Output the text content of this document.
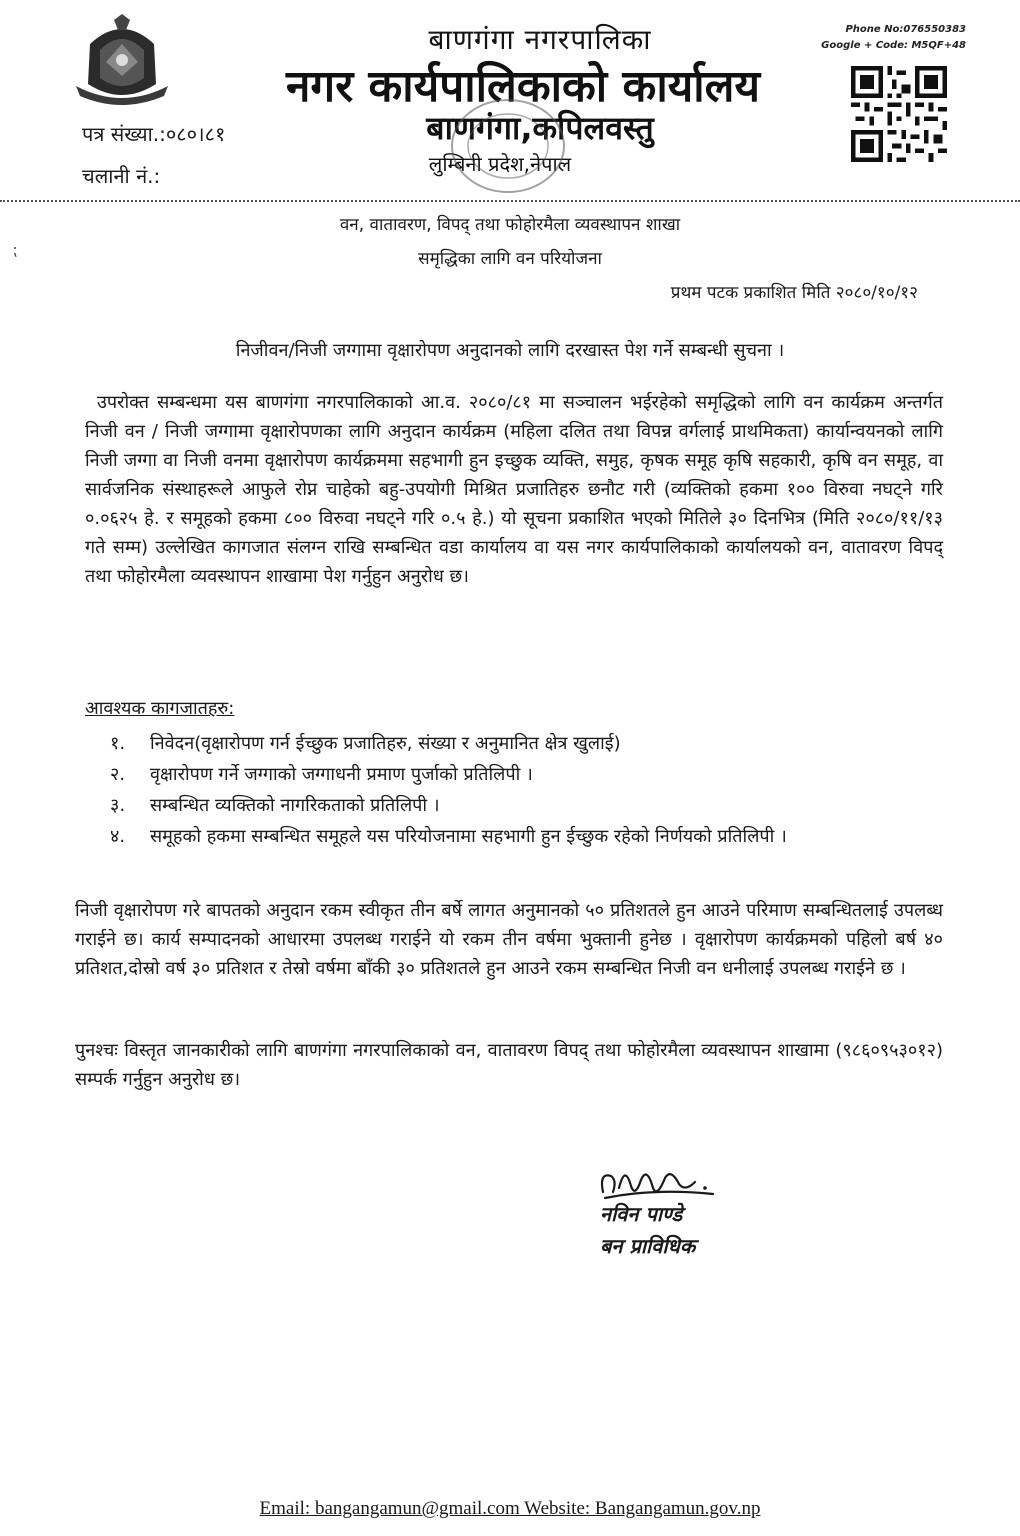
बाणगंगा नगरपालिका
नगर कार्यपालिकाको कार्यालय
बाणगंगा,कपिलवस्तु
लुम्बिनी प्रदेश,नेपाल
Phone No:076550383
Google + Code: M5QF+48
पत्र संख्या.:०८०।८१
चलानी नं.:
⁏
वन, वातावरण, विपद् तथा फोहोरमैला व्यवस्थापन शाखा
समृद्धिका लागि वन परियोजना
प्रथम पटक प्रकाशित मिति २०८०/१०/१२
निजीवन/निजी जग्गामा वृक्षारोपण अनुदानको लागि दरखास्त पेश गर्ने सम्बन्धी सुचना ।

उपरोक्त सम्बन्धमा यस बाणगंगा नगरपालिकाको आ.व. २०८०/८१ मा सञ्चालन भईरहेको समृद्धिको लागि वन कार्यक्रम अन्तर्गत निजी वन / निजी जग्गामा वृक्षारोपणका लागि अनुदान कार्यक्रम (महिला दलित तथा विपन्न वर्गलाई प्राथमिकता) कार्यान्वयनको लागि निजी जग्गा वा निजी वनमा वृक्षारोपण कार्यक्रममा सहभागी हुन इच्छुक व्यक्ति, समुह, कृषक समूह कृषि सहकारी, कृषि वन समूह, वा सार्वजनिक संस्थाहरूले आफुले रोप्न चाहेको बहु-उपयोगी मिश्रित प्रजातिहरु छनौट गरी (व्यक्तिको हकमा १०० विरुवा नघट्ने गरि ०.०६२५ हे. र समूहको हकमा ८०० विरुवा नघट्ने गरि ०.५ हे.) यो सूचना प्रकाशित भएको मितिले ३० दिनभित्र (मिति २०८०/११/१३ गते सम्म) उल्लेखित कागजात संलग्न राखि सम्बन्धित वडा कार्यालय वा यस नगर कार्यपालिकाको कार्यालयको वन, वातावरण विपद् तथा फोहोरमैला व्यवस्थापन शाखामा पेश गर्नुहुन अनुरोध छ।

आवश्यक कागजातहरु:
१.	निवेदन(वृक्षारोपण गर्न ईच्छुक प्रजातिहरु, संख्या र अनुमानित क्षेत्र खुलाई)
२.	वृक्षारोपण गर्ने जग्गाको जग्गाधनी प्रमाण पुर्जाको प्रतिलिपी ।
३.	सम्बन्धित व्यक्तिको नागरिकताको प्रतिलिपी ।
४.	समूहको हकमा सम्बन्धित समूहले यस परियोजनामा सहभागी हुन ईच्छुक रहेको निर्णयको प्रतिलिपी ।

निजी वृक्षारोपण गरे बापतको अनुदान रकम स्वीकृत तीन बर्षे लागत अनुमानको ५० प्रतिशतले हुन आउने परिमाण सम्बन्धितलाई उपलब्ध गराईने छ। कार्य सम्पादनको आधारमा उपलब्ध गराईने यो रकम तीन वर्षमा भुक्तानी हुनेछ । वृक्षारोपण कार्यक्रमको पहिलो बर्ष ४० प्रतिशत,दोस्रो वर्ष ३० प्रतिशत र तेस्रो वर्षमा बाँकी ३० प्रतिशतले हुन आउने रकम सम्बन्धित निजी वन धनीलाई उपलब्ध गराईने छ ।

पुनश्चः विस्तृत जानकारीको लागि बाणगंगा नगरपालिकाको वन, वातावरण विपद् तथा फोहोरमैला व्यवस्थापन शाखामा (९८६०९५३०१२) सम्पर्क गर्नुहुन अनुरोध छ।

नविन पाण्डे
बन प्राविधिक
Email: bangangamun@gmail.com Website: Bangangamun.gov.np
